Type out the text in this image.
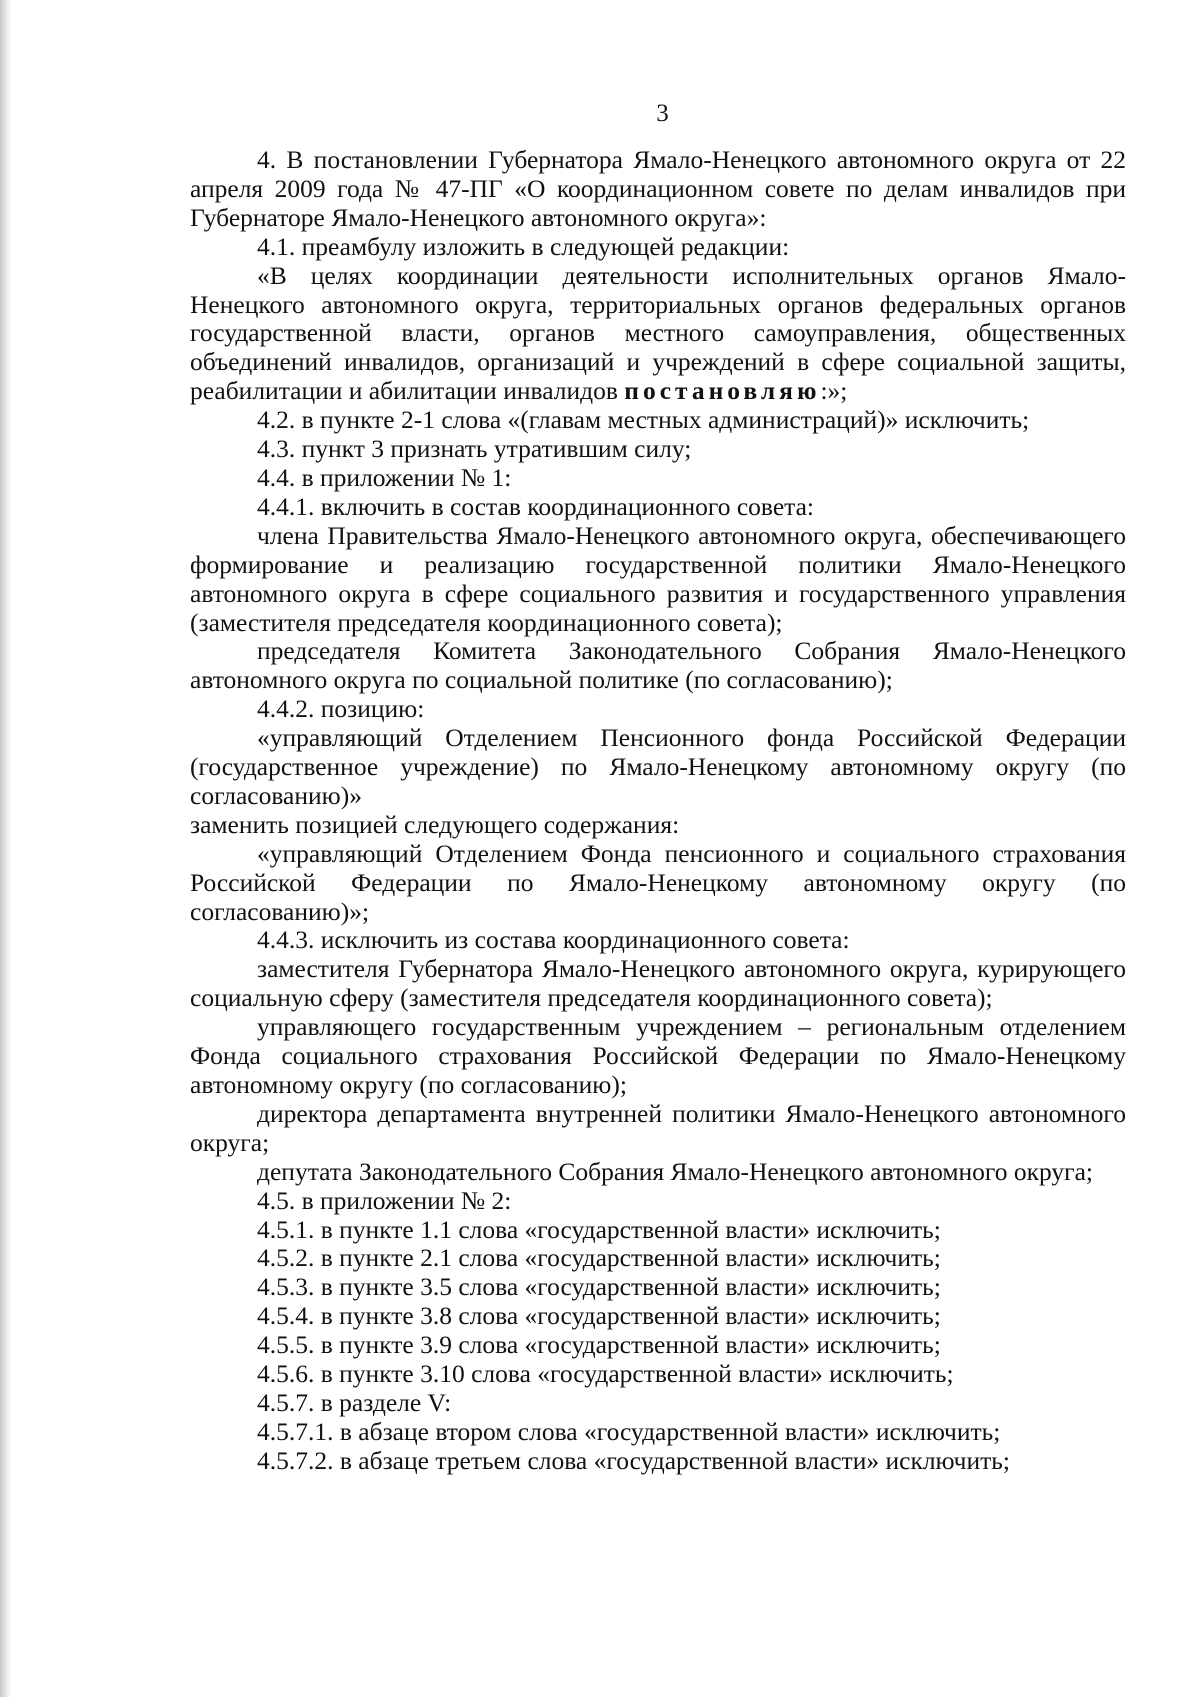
3

4. В постановлении Губернатора Ямало-Ненецкого автономного округа от 22 апреля 2009 года № 47-ПГ «О координационном совете по делам инвалидов при Губернаторе Ямало-Ненецкого автономного округа»:

4.1. преамбулу изложить в следующей редакции:

«В целях координации деятельности исполнительных органов Ямало-Ненецкого автономного округа, территориальных органов федеральных органов государственной власти, органов местного самоуправления, общественных объединений инвалидов, организаций и учреждений в сфере социальной защиты, реабилитации и абилитации инвалидов постановляю:»;

4.2. в пункте 2-1 слова «(главам местных администраций)» исключить;

4.3. пункт 3 признать утратившим силу;

4.4. в приложении № 1:

4.4.1. включить в состав координационного совета:

члена Правительства Ямало-Ненецкого автономного округа, обеспечивающего формирование и реализацию государственной политики Ямало-Ненецкого автономного округа в сфере социального развития и государственного управления (заместителя председателя координационного совета);

председателя Комитета Законодательного Собрания Ямало-Ненецкого автономного округа по социальной политике (по согласованию);

4.4.2. позицию:

«управляющий Отделением Пенсионного фонда Российской Федерации (государственное учреждение) по Ямало-Ненецкому автономному округу (по согласованию)»

заменить позицией следующего содержания:

«управляющий Отделением Фонда пенсионного и социального страхования Российской Федерации по Ямало-Ненецкому автономному округу (по согласованию)»;

4.4.3. исключить из состава координационного совета:

заместителя Губернатора Ямало-Ненецкого автономного округа, курирующего социальную сферу (заместителя председателя координационного совета);

управляющего государственным учреждением – региональным отделением Фонда социального страхования Российской Федерации по Ямало-Ненецкому автономному округу (по согласованию);

директора департамента внутренней политики Ямало-Ненецкого автономного округа;

депутата Законодательного Собрания Ямало-Ненецкого автономного округа;

4.5. в приложении № 2:

4.5.1. в пункте 1.1 слова «государственной власти» исключить;

4.5.2. в пункте 2.1 слова «государственной власти» исключить;

4.5.3. в пункте 3.5 слова «государственной власти» исключить;

4.5.4. в пункте 3.8 слова «государственной власти» исключить;

4.5.5. в пункте 3.9 слова «государственной власти» исключить;

4.5.6. в пункте 3.10 слова «государственной власти» исключить;

4.5.7. в разделе V:

4.5.7.1. в абзаце втором слова «государственной власти» исключить;

4.5.7.2. в абзаце третьем слова «государственной власти» исключить;
